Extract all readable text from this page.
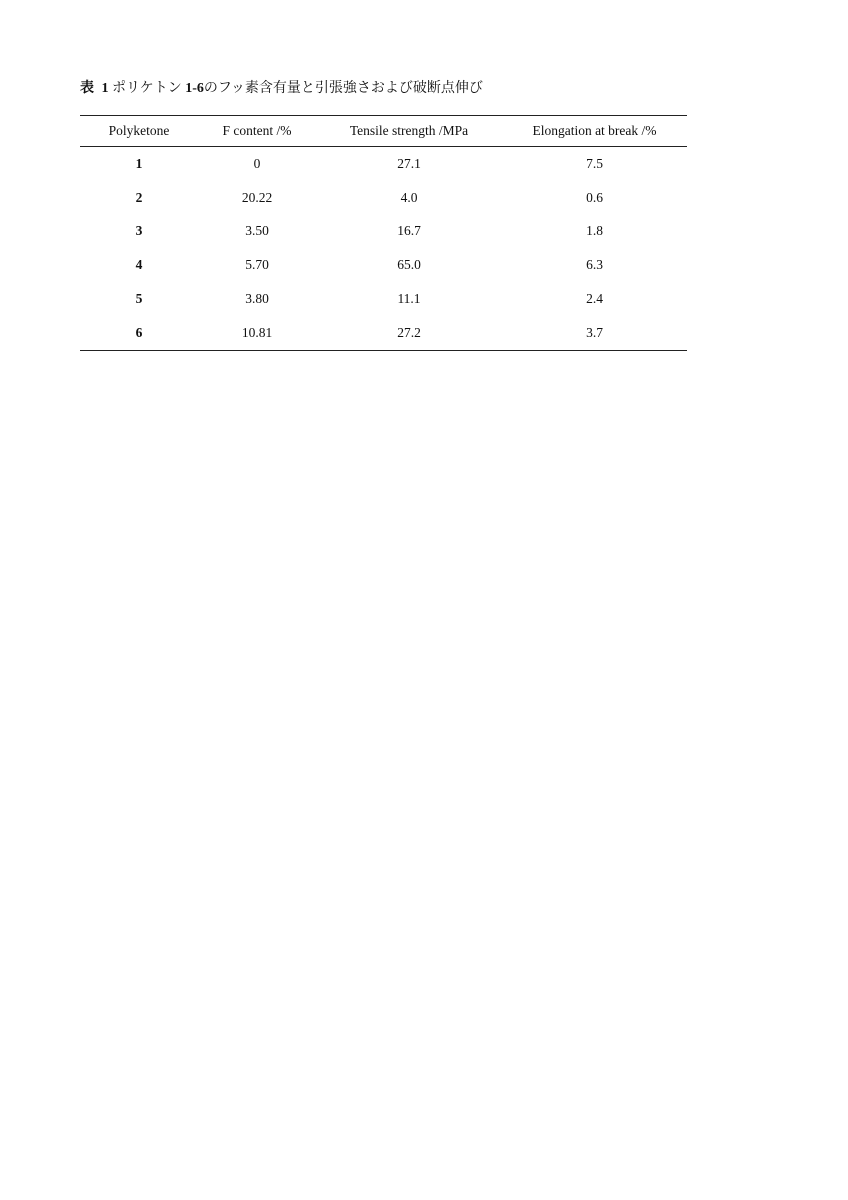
表 1 ポリケトン 1-6のフッ素含有量と引張強さおよび破断点伸び
Polyketone	F content /%	Tensile strength /MPa	Elongation at break /%
1	0	27.1	7.5
2	20.22	4.0	0.6
3	3.50	16.7	1.8
4	5.70	65.0	6.3
5	3.80	11.1	2.4
6	10.81	27.2	3.7
